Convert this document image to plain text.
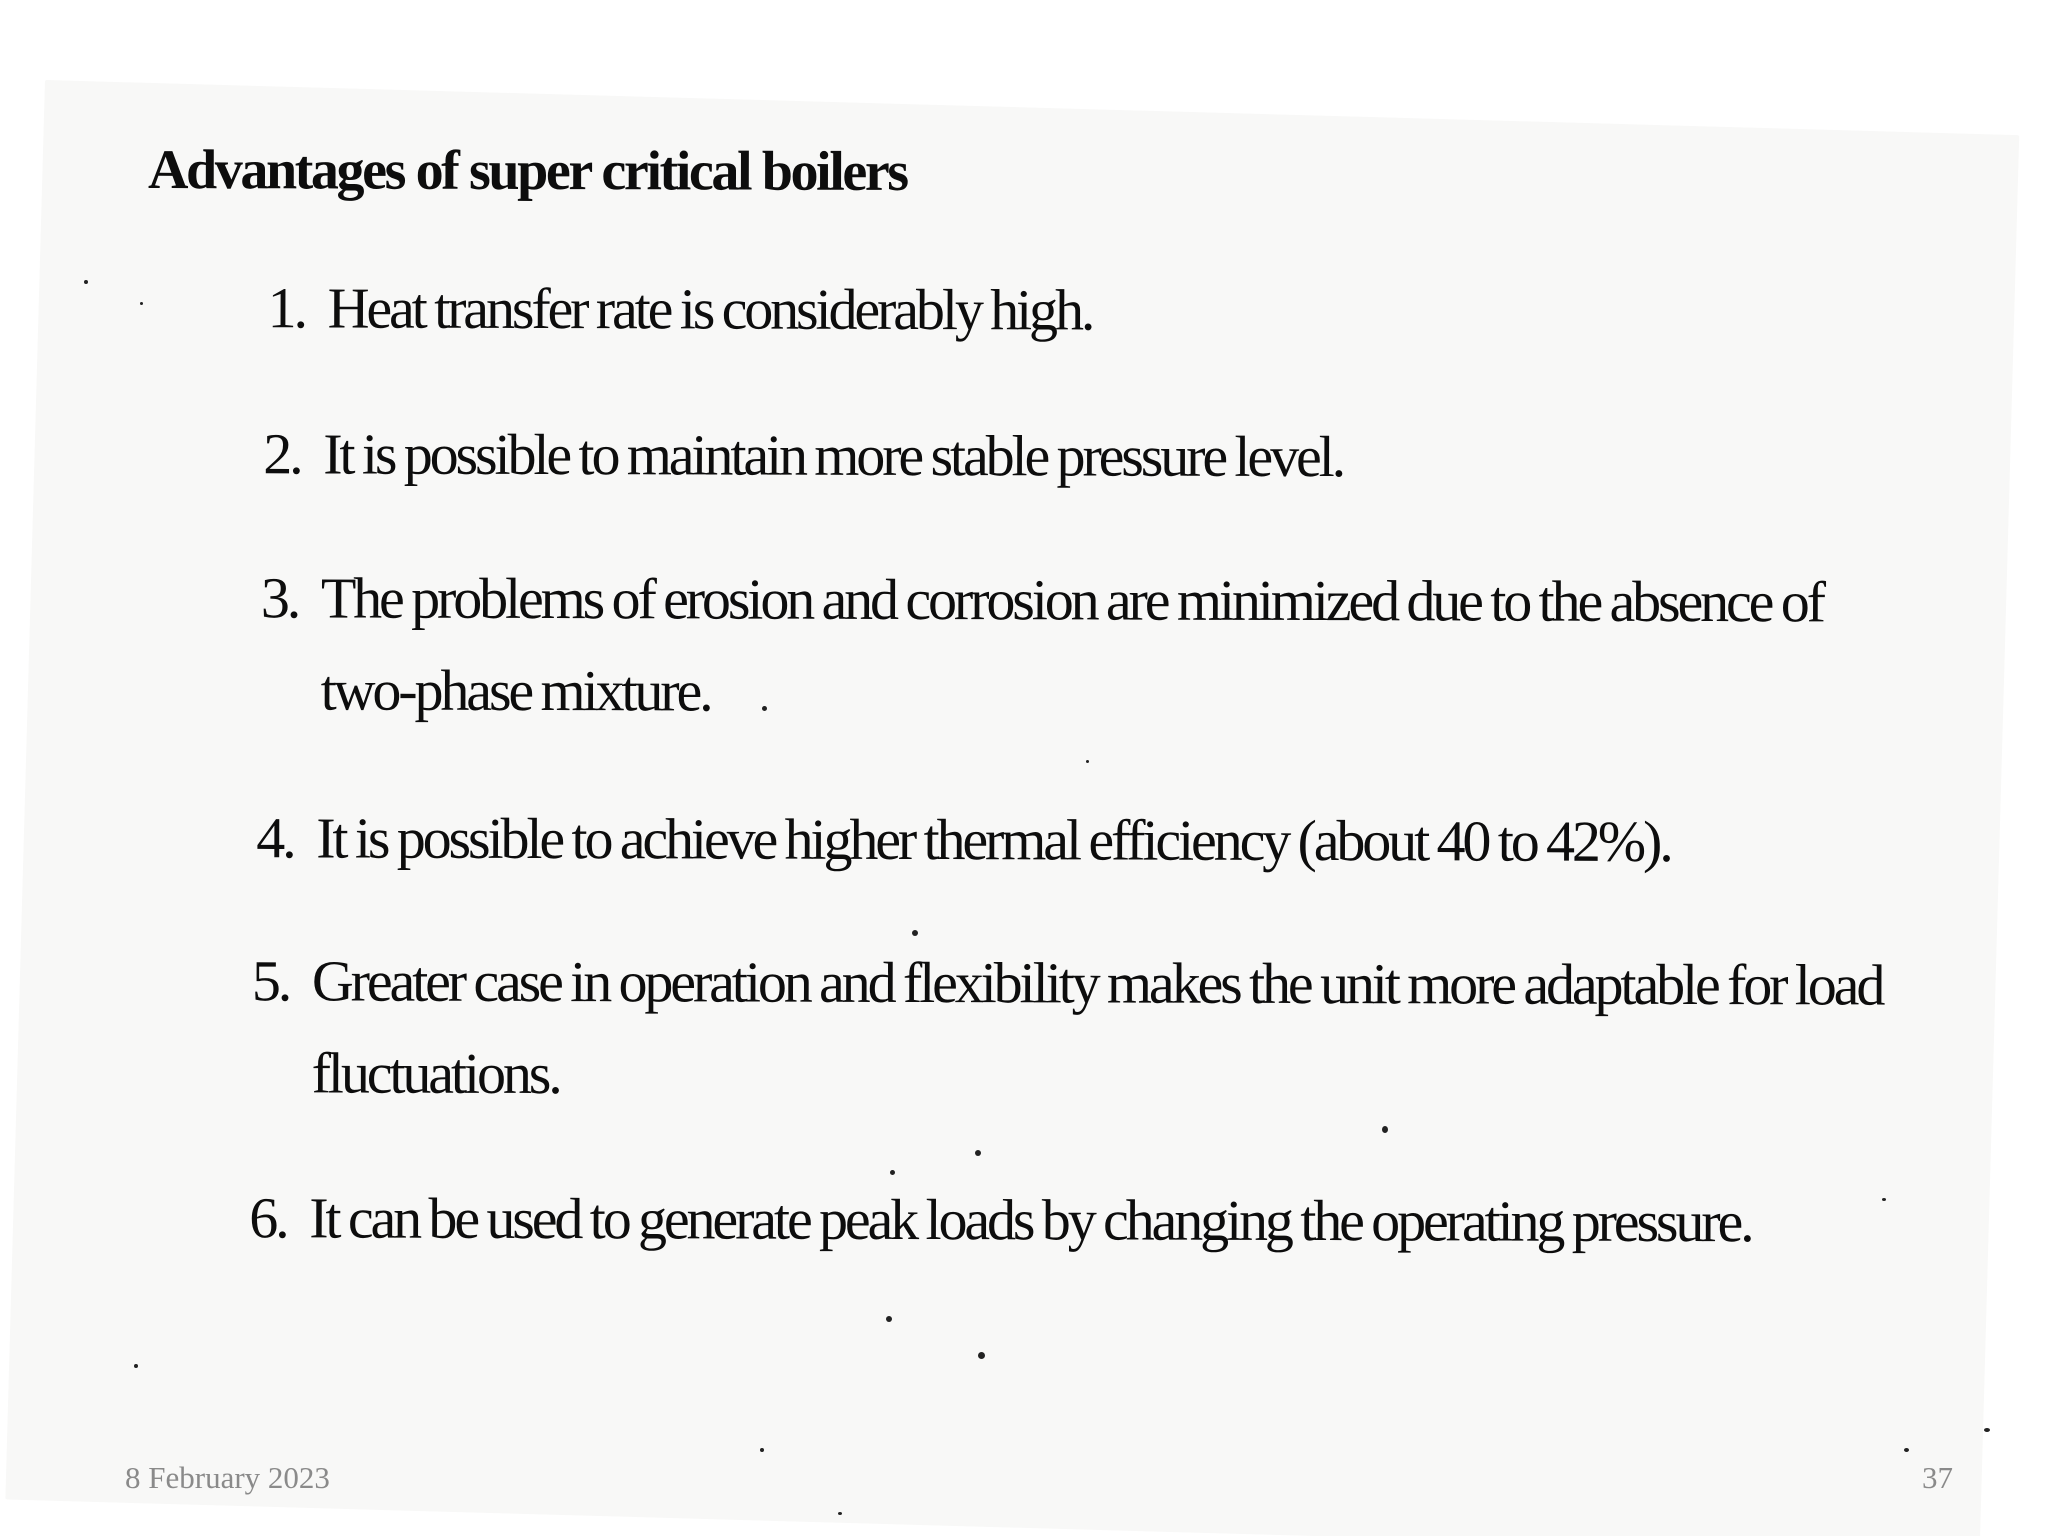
Advantages of super critical boilers
1. Heat transfer rate is considerably high.
2. It is possible to maintain more stable pressure level.
3. The problems of erosion and corrosion are minimized due to the absence of
two-phase mixture.
4. It is possible to achieve higher thermal efficiency (about 40 to 42%).
5. Greater case in operation and flexibility makes the unit more adaptable for load
fluctuations.
6. It can be used to generate peak loads by changing the operating pressure.
8 February 2023	37
